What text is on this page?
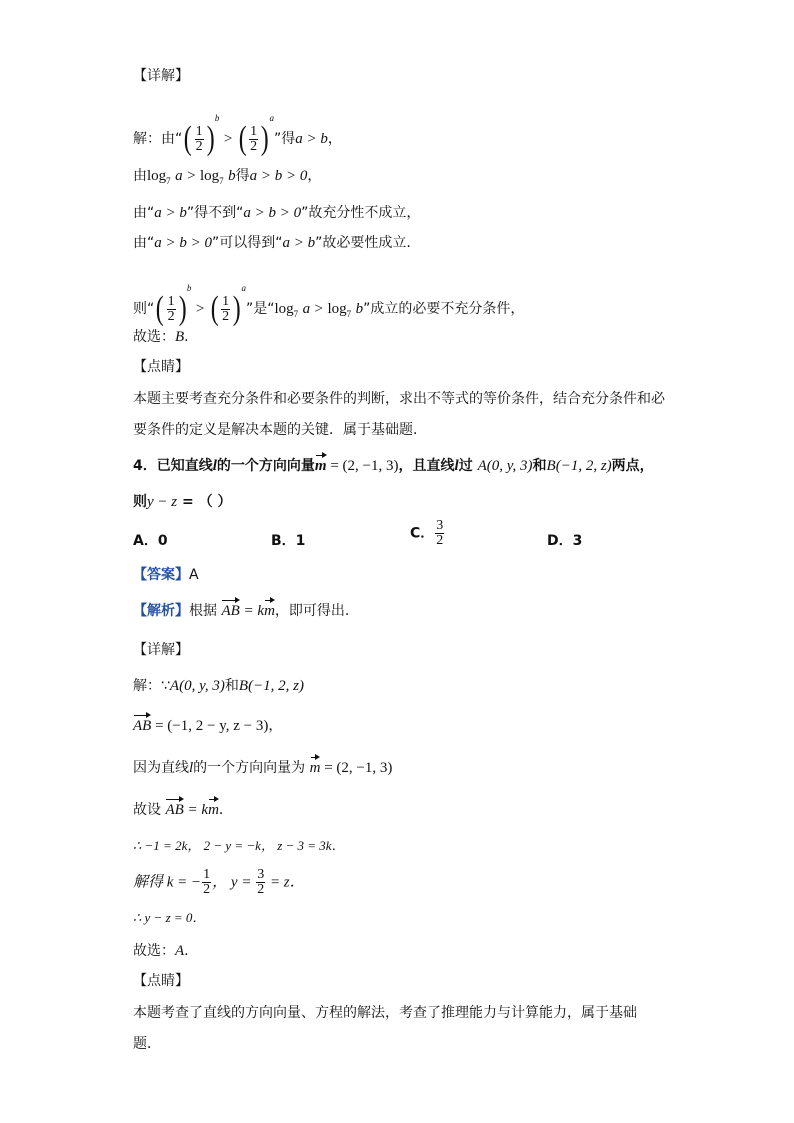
【详解】
解：由“( $\frac{1}{2} )^b$ > ( $\frac{1}{2} )^a$”得a > b，
由$\log_7 a > \log_7 b$得a > b > 0，
由“a > b”得不到“a > b > 0”故充分性不成立，
由“a > b > 0”可以得到“a > b”故必要性成立.
则“( $\frac{1}{2} )^b$ > ( $\frac{1}{2} )^a$”是“$\log_7$ $a > \log_7 b$”成立的必要不充分条件，
故选：B.
【点睛】
本题主要考查充分条件和必要条件的判断，求出不等式的等价条件，结合充分条件和必
要条件的定义是解决本题的关键．属于基础题．
4．已知直线l的一个方向向量m = (2, −1, 3)，且直线l过 A(0, y, 3)和B(−1, 2, z)两点，
则y − z = （ ）
A．0	B．1	C． $\frac{3}{2}$	D．3
【答案】A
【解析】根据 AB = km，即可得出.
【详解】
解：∵A(0, y, 3)和B(−1, 2, z)
AB = (−1, 2 − y, z − 3)，
因为直线l的一个方向向量为 m = (2, −1, 3)
故设 AB = km．
∴ −1 = 2k， 2 − y = −k， z − 3 = 3k．
解得 k = − $\frac{1}{2}$ ， $y = \frac{3}{2} = z$．
∴ y − z = 0．
故选：A.
【点睛】
本题考查了直线的方向向量、方程的解法，考查了推理能力与计算能力，属于基础
题．
